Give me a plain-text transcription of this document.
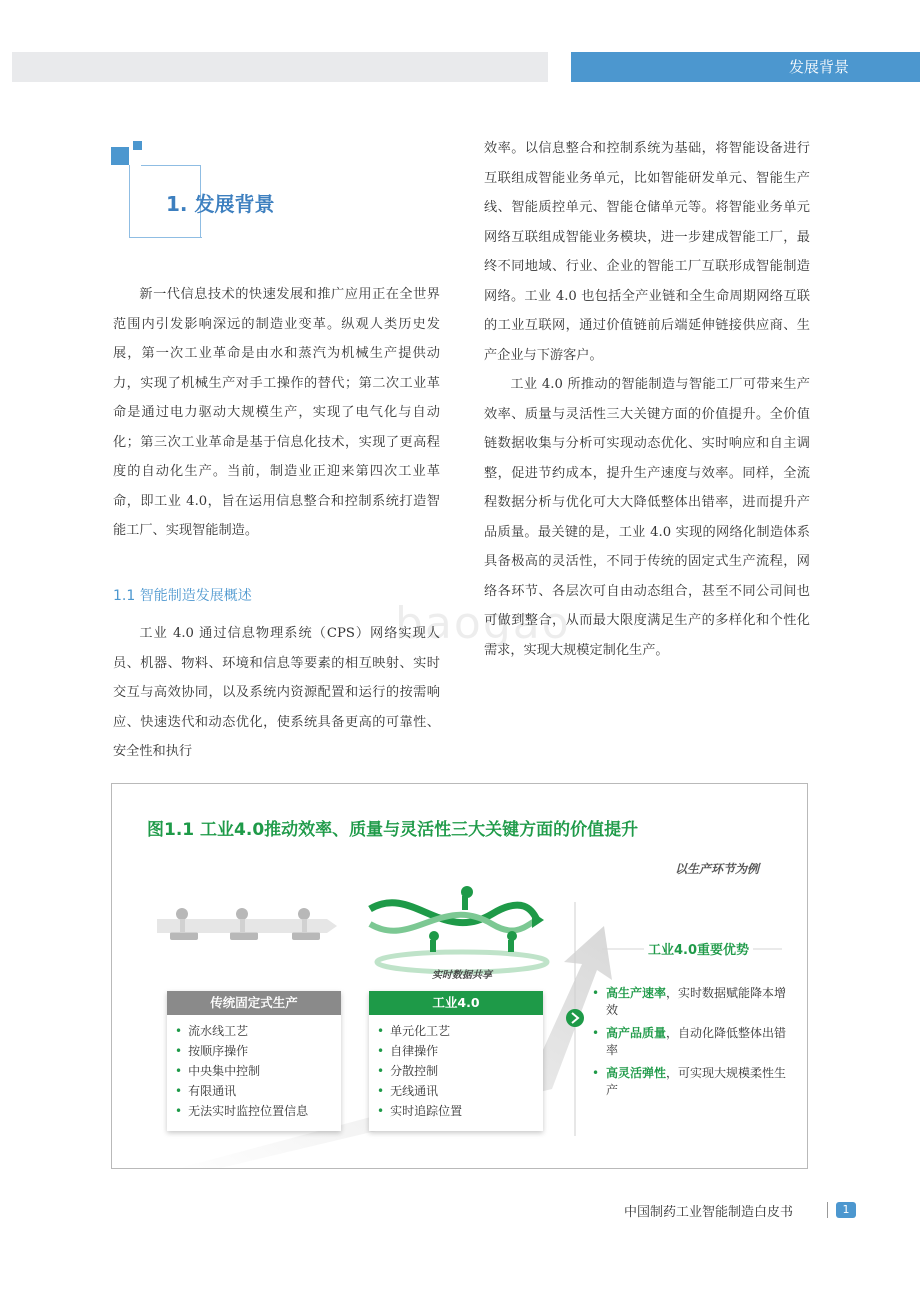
发展背景
1. 发展背景
baogao

新一代信息技术的快速发展和推广应用正在全世界范围内引发影响深远的制造业变革。纵观人类历史发展，第一次工业革命是由水和蒸汽为机械生产提供动力，实现了机械生产对手工操作的替代；第二次工业革命是通过电力驱动大规模生产，实现了电气化与自动化；第三次工业革命是基于信息化技术，实现了更高程度的自动化生产。当前，制造业正迎来第四次工业革命，即工业 4.0，旨在运用信息整合和控制系统打造智能工厂、实现智能制造。

1.1 智能制造发展概述

工业 4.0 通过信息物理系统（CPS）网络实现人员、机器、物料、环境和信息等要素的相互映射、实时交互与高效协同，以及系统内资源配置和运行的按需响应、快速迭代和动态优化，使系统具备更高的可靠性、安全性和执行

效率。以信息整合和控制系统为基础，将智能设备进行互联组成智能业务单元，比如智能研发单元、智能生产线、智能质控单元、智能仓储单元等。将智能业务单元网络互联组成智能业务模块，进一步建成智能工厂，最终不同地域、行业、企业的智能工厂互联形成智能制造网络。工业 4.0 也包括全产业链和全生命周期网络互联的工业互联网，通过价值链前后端延伸链接供应商、生产企业与下游客户。

工业 4.0 所推动的智能制造与智能工厂可带来生产效率、质量与灵活性三大关键方面的价值提升。全价值链数据收集与分析可实现动态优化、实时响应和自主调整，促进节约成本，提升生产速度与效率。同样，全流程数据分析与优化可大大降低整体出错率，进而提升产品质量。最关键的是，工业 4.0 实现的网络化制造体系具备极高的灵活性，不同于传统的固定式生产流程，网络各环节、各层次可自由动态组合，甚至不同公司间也可做到整合，从而最大限度满足生产的多样化和个性化需求，实现大规模定制化生产。

图1.1 工业4.0推动效率、质量与灵活性三大关键方面的价值提升
以生产环节为例
实时数据共享
传统固定式生产
• 流水线工艺
• 按顺序操作
• 中央集中控制
• 有限通讯
• 无法实时监控位置信息
工业4.0
• 单元化工艺
• 自律操作
• 分散控制
• 无线通讯
• 实时追踪位置
工业4.0重要优势
• 高生产速率，实时数据赋能降本增效
• 高产品质量，自动化降低整体出错率
• 高灵活弹性，可实现大规模柔性生产
中国制药工业智能制造白皮书	1
